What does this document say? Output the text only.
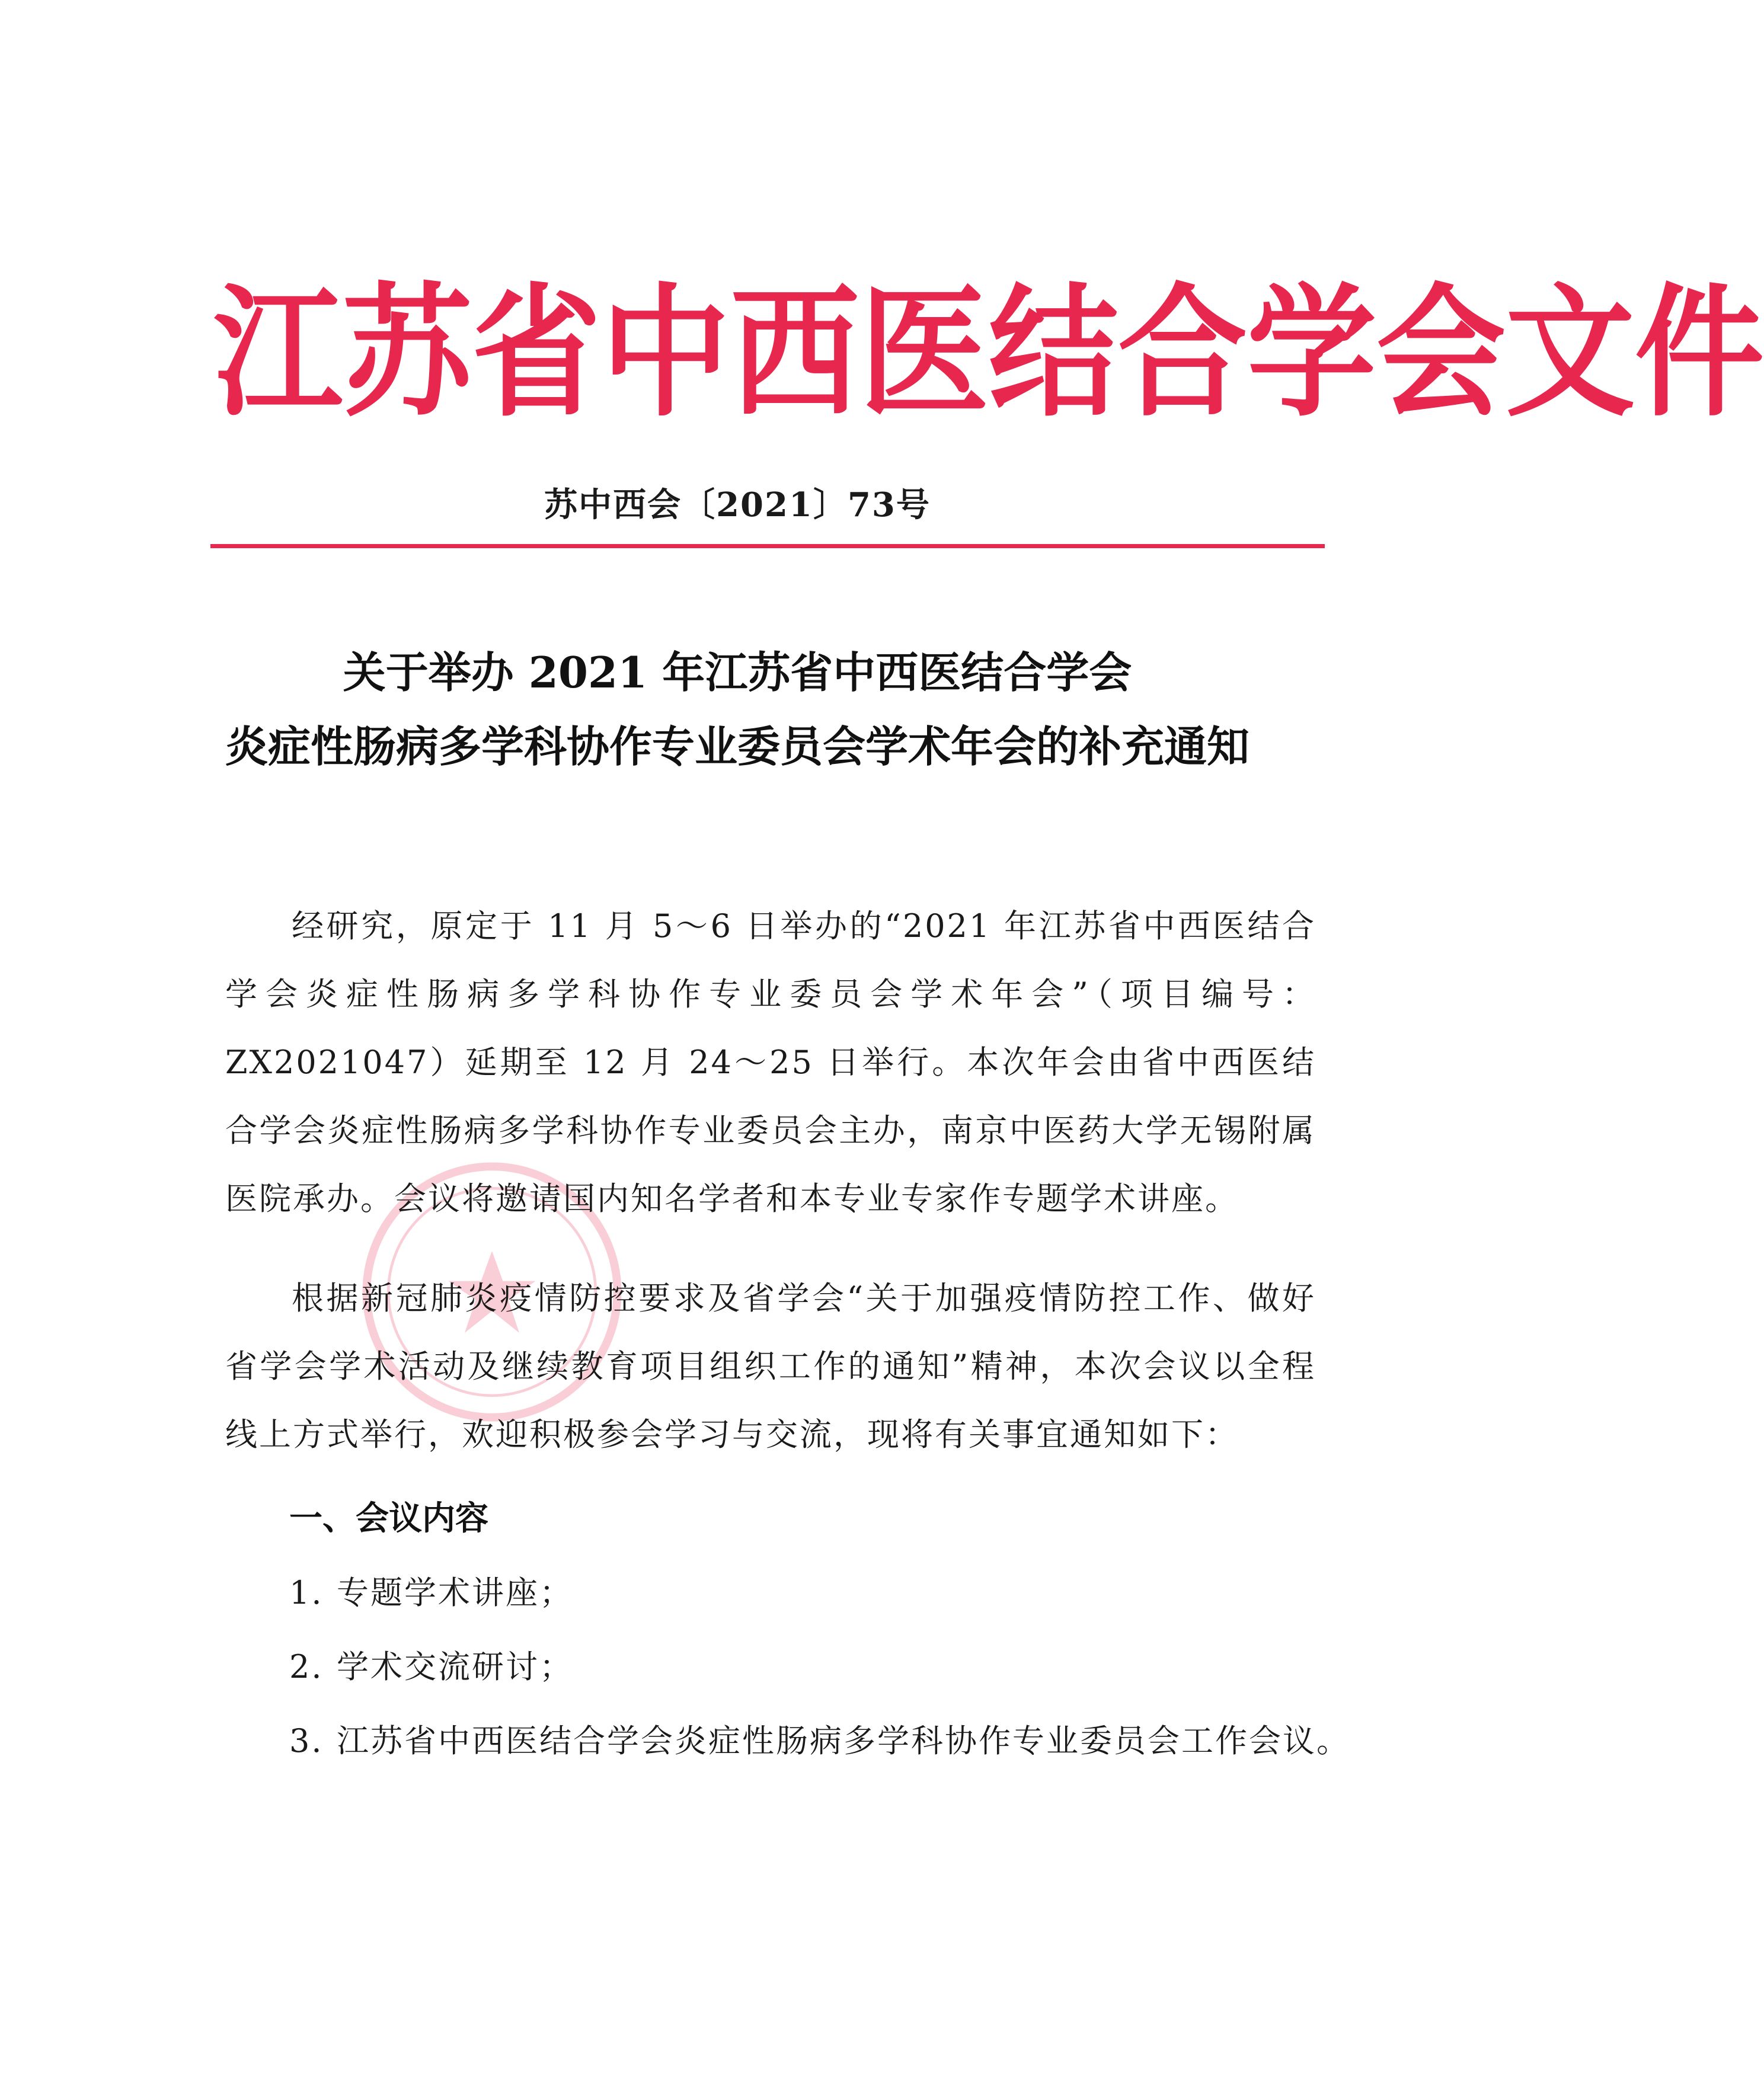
江苏省中西医结合学会文件
苏中西会〔2021〕73号
关于举办 2021 年江苏省中西医结合学会
炎症性肠病多学科协作专业委员会学术年会的补充通知
经研究，原定于 11 月 5～6 日举办的“2021 年江苏省中西医结合学会炎症性肠病多学科协作专业委员会学术年会”（项目编号：ZX2021047）延期至 12 月 24～25 日举行。本次年会由省中西医结合学会炎症性肠病多学科协作专业委员会主办，南京中医药大学无锡附属医院承办。会议将邀请国内知名学者和本专业专家作专题学术讲座。
根据新冠肺炎疫情防控要求及省学会“关于加强疫情防控工作、做好省学会学术活动及继续教育项目组织工作的通知”精神，本次会议以全程线上方式举行，欢迎积极参会学习与交流，现将有关事宜通知如下：
一、会议内容
1. 专题学术讲座；
2. 学术交流研讨；
3. 江苏省中西医结合学会炎症性肠病多学科协作专业委员会工作会议。
